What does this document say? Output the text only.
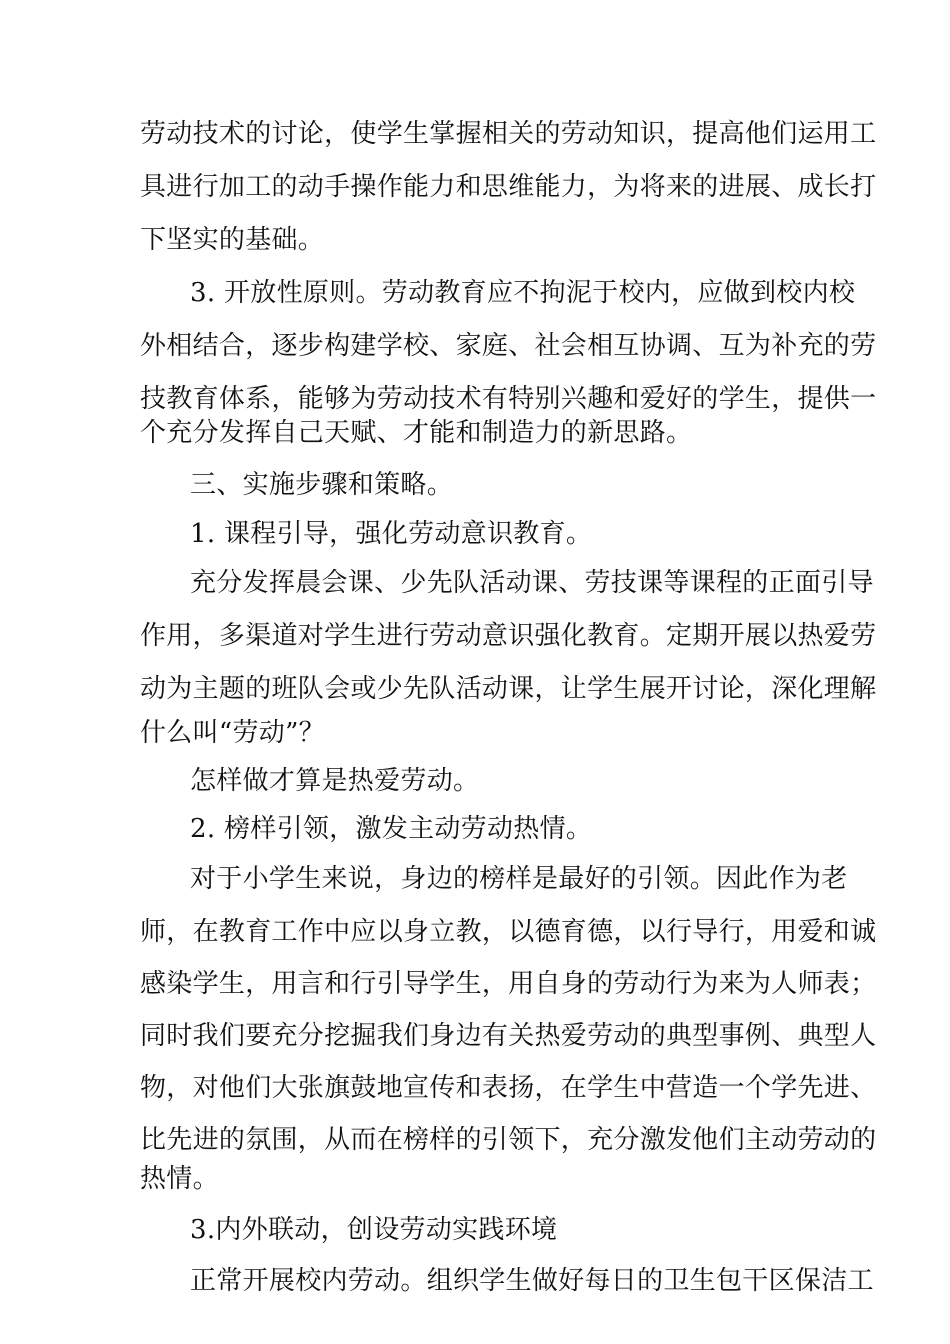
劳动技术的讨论，使学生掌握相关的劳动知识，提高他们运用工
具进行加工的动手操作能力和思维能力，为将来的进展、成长打
下坚实的基础。
3. 开放性原则。劳动教育应不拘泥于校内，应做到校内校
外相结合，逐步构建学校、家庭、社会相互协调、互为补充的劳
技教育体系，能够为劳动技术有特别兴趣和爱好的学生，提供一
个充分发挥自己天赋、才能和制造力的新思路。
三、实施步骤和策略。
1. 课程引导，强化劳动意识教育。
充分发挥晨会课、少先队活动课、劳技课等课程的正面引导
作用，多渠道对学生进行劳动意识强化教育。定期开展以热爱劳
动为主题的班队会或少先队活动课，让学生展开讨论，深化理解
什么叫“劳动”？
怎样做才算是热爱劳动。
2. 榜样引领，激发主动劳动热情。
对于小学生来说，身边的榜样是最好的引领。因此作为老
师，在教育工作中应以身立教，以德育德，以行导行，用爱和诚
感染学生，用言和行引导学生，用自身的劳动行为来为人师表；
同时我们要充分挖掘我们身边有关热爱劳动的典型事例、典型人
物，对他们大张旗鼓地宣传和表扬，在学生中营造一个学先进、
比先进的氛围，从而在榜样的引领下，充分激发他们主动劳动的
热情。
3.内外联动，创设劳动实践环境
正常开展校内劳动。组织学生做好每日的卫生包干区保洁工
